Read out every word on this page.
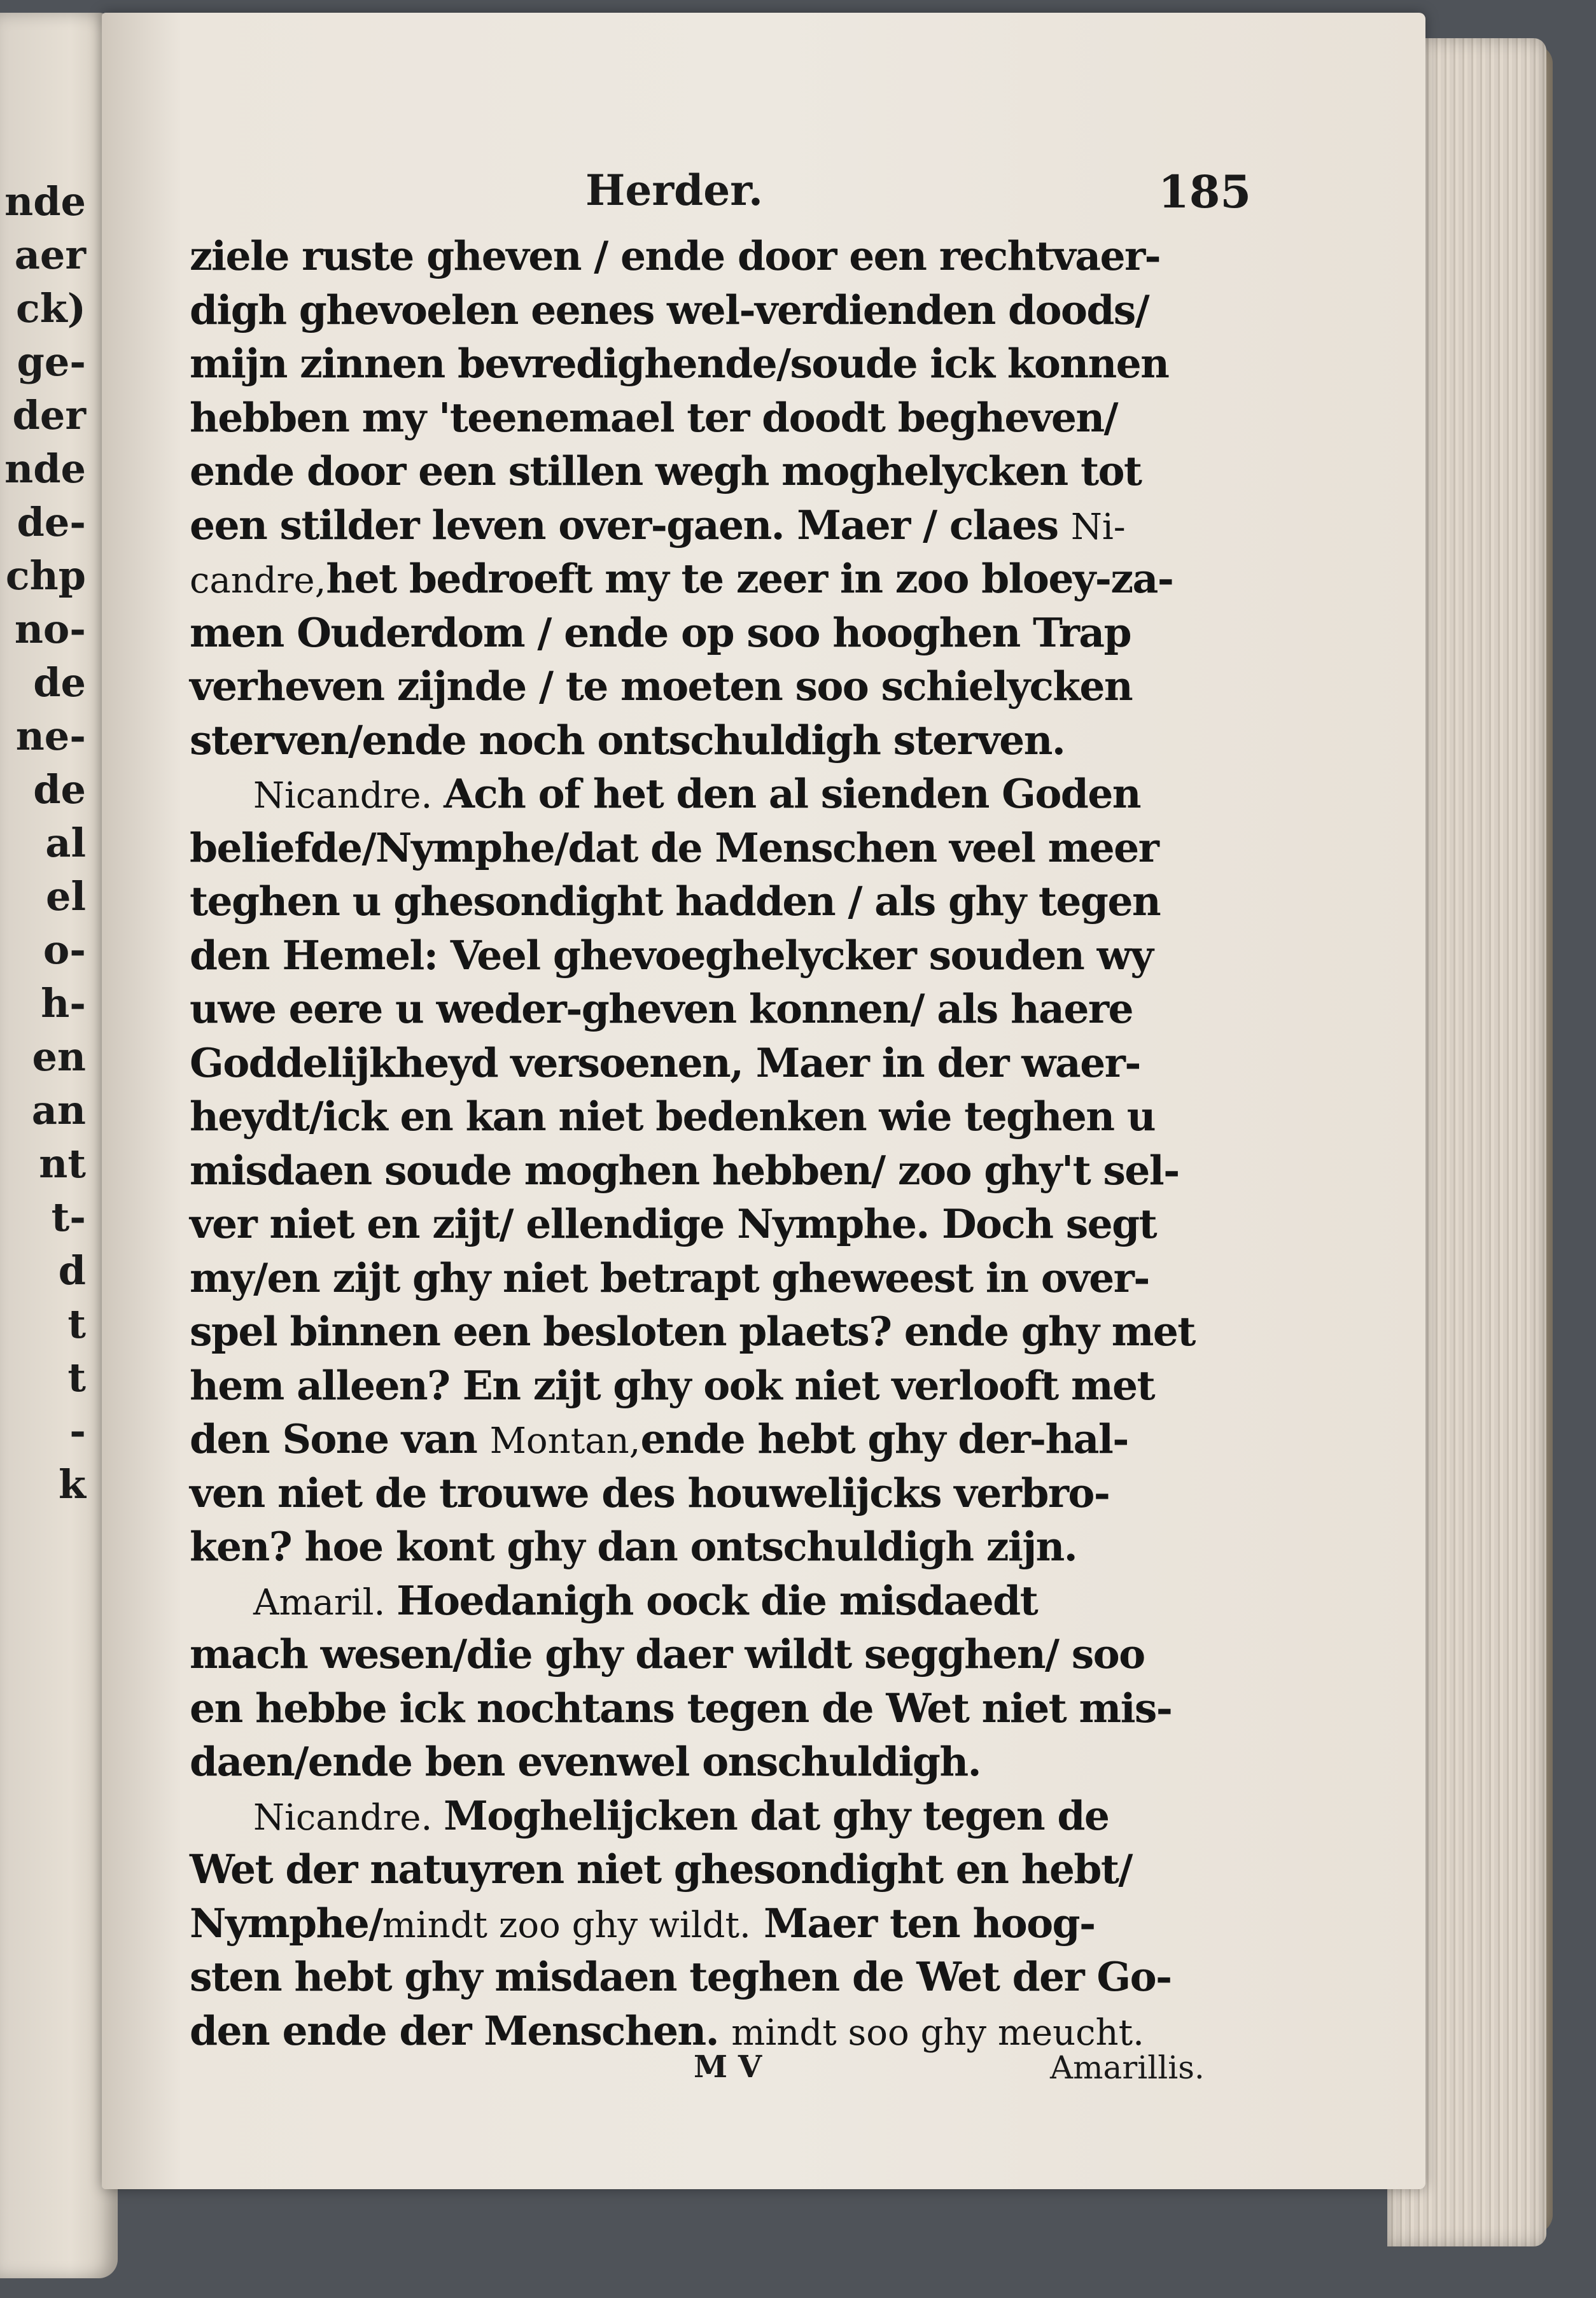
nde
aer
ck)
ge-
der
nde
de-
chp
no-
de
ne-
de
al
el
o-
h-
en
an
nt
t-
d
t
t
-
k
Herder.	185
ziele ruste gheven / ende door een rechtvaer-
digh ghevoelen eenes wel-verdienden doods/
mijn zinnen bevredighende/soude ick konnen
hebben my 'teenemael ter doodt begheven/
ende door een stillen wegh moghelycken tot
een stilder leven over-gaen. Maer / claes Ni-
candre,het bedroeft my te zeer in zoo bloey-za-
men Ouderdom / ende op soo hooghen Trap
verheven zijnde / te moeten soo schielycken
sterven/ende noch ontschuldigh sterven.
Nicandre. Ach of het den al sienden Goden
beliefde/Nymphe/dat de Menschen veel meer
teghen u ghesondight hadden / als ghy tegen
den Hemel: Veel ghevoeghelycker souden wy
uwe eere u weder-gheven konnen/ als haere
Goddelijkheyd versoenen, Maer in der waer-
heydt/ick en kan niet bedenken wie teghen u
misdaen soude moghen hebben/ zoo ghy't sel-
ver niet en zijt/ ellendige Nymphe. Doch segt
my/en zijt ghy niet betrapt gheweest in over-
spel binnen een besloten plaets? ende ghy met
hem alleen? En zijt ghy ook niet verlooft met
den Sone van Montan,ende hebt ghy der-hal-
ven niet de trouwe des houwelijcks verbro-
ken? hoe kont ghy dan ontschuldigh zijn.
Amaril. Hoedanigh oock die misdaedt
mach wesen/die ghy daer wildt segghen/ soo
en hebbe ick nochtans tegen de Wet niet mis-
daen/ende ben evenwel onschuldigh.
Nicandre. Moghelijcken dat ghy tegen de
Wet der natuyren niet ghesondight en hebt/
Nymphe/mindt zoo ghy wildt. Maer ten hoog-
sten hebt ghy misdaen teghen de Wet der Go-
den ende der Menschen. mindt soo ghy meucht.
M V	Amarillis.
